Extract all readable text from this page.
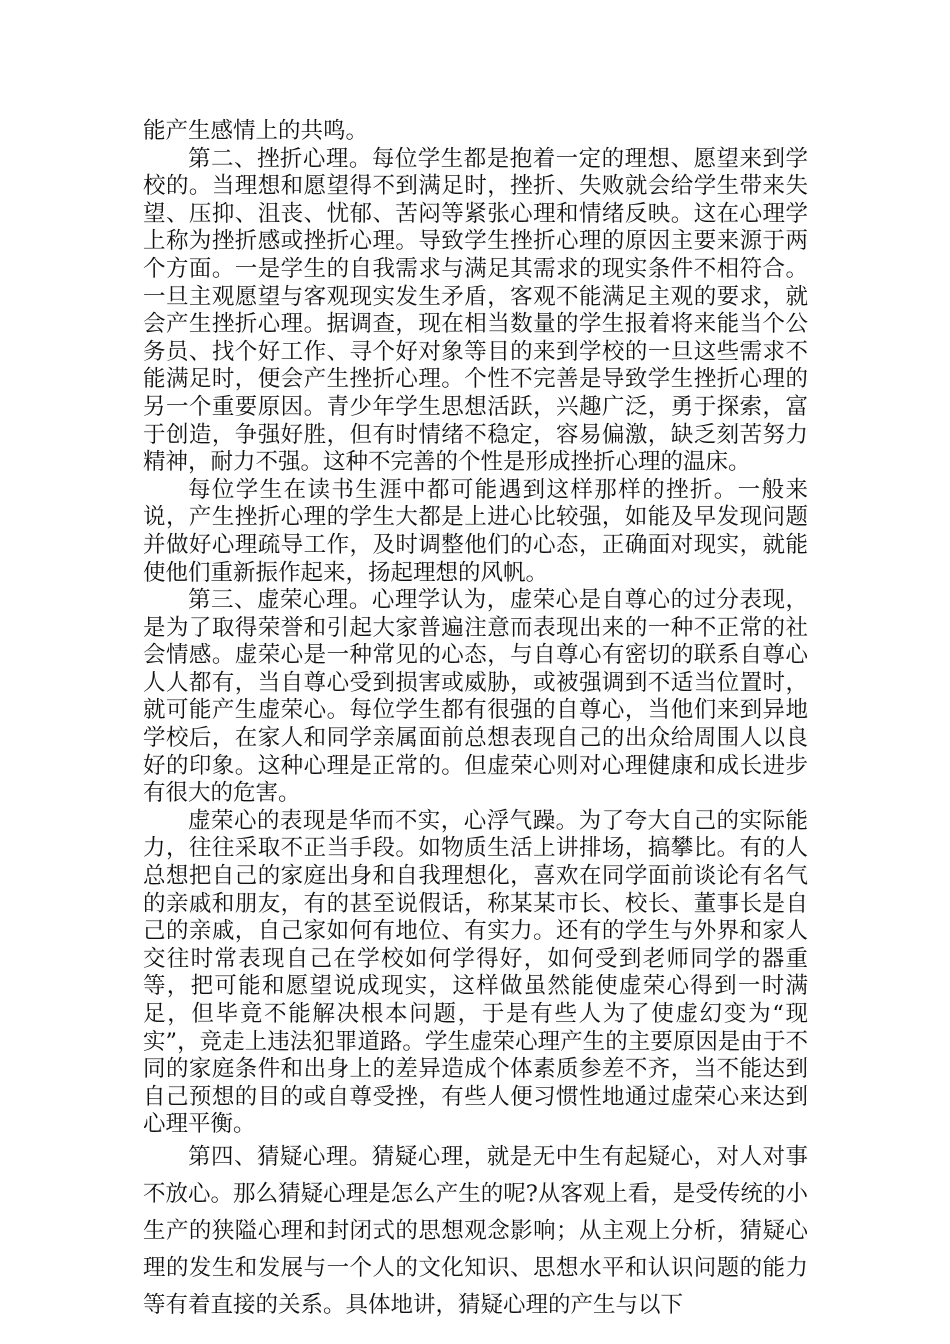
能产生感情上的共鸣。

第二、挫折心理。每位学生都是抱着一定的理想、愿望来到学校的。当理想和愿望得不到满足时，挫折、失败就会给学生带来失望、压抑、沮丧、忧郁、苦闷等紧张心理和情绪反映。这在心理学上称为挫折感或挫折心理。导致学生挫折心理的原因主要来源于两个方面。一是学生的自我需求与满足其需求的现实条件不相符合。一旦主观愿望与客观现实发生矛盾，客观不能满足主观的要求，就会产生挫折心理。据调查，现在相当数量的学生报着将来能当个公务员、找个好工作、寻个好对象等目的来到学校的一旦这些需求不能满足时，便会产生挫折心理。个性不完善是导致学生挫折心理的另一个重要原因。青少年学生思想活跃，兴趣广泛，勇于探索，富于创造，争强好胜，但有时情绪不稳定，容易偏激，缺乏刻苦努力精神，耐力不强。这种不完善的个性是形成挫折心理的温床。

每位学生在读书生涯中都可能遇到这样那样的挫折。一般来说，产生挫折心理的学生大都是上进心比较强，如能及早发现问题并做好心理疏导工作，及时调整他们的心态，正确面对现实，就能使他们重新振作起来，扬起理想的风帆。

第三、虚荣心理。心理学认为，虚荣心是自尊心的过分表现，是为了取得荣誉和引起大家普遍注意而表现出来的一种不正常的社会情感。虚荣心是一种常见的心态，与自尊心有密切的联系自尊心人人都有，当自尊心受到损害或威胁，或被强调到不适当位置时，就可能产生虚荣心。每位学生都有很强的自尊心，当他们来到异地学校后，在家人和同学亲属面前总想表现自己的出众给周围人以良好的印象。这种心理是正常的。但虚荣心则对心理健康和成长进步有很大的危害。

虚荣心的表现是华而不实，心浮气躁。为了夸大自己的实际能力，往往采取不正当手段。如物质生活上讲排场，搞攀比。有的人总想把自己的家庭出身和自我理想化，喜欢在同学面前谈论有名气的亲戚和朋友，有的甚至说假话，称某某市长、校长、董事长是自己的亲戚，自己家如何有地位、有实力。还有的学生与外界和家人交往时常表现自己在学校如何学得好，如何受到老师同学的器重等，把可能和愿望说成现实，这样做虽然能使虚荣心得到一时满足，但毕竟不能解决根本问题，于是有些人为了使虚幻变为“现实”，竞走上违法犯罪道路。学生虚荣心理产生的主要原因是由于不同的家庭条件和出身上的差异造成个体素质参差不齐，当不能达到自己预想的目的或自尊受挫，有些人便习惯性地通过虚荣心来达到心理平衡。

第四、猜疑心理。猜疑心理，就是无中生有起疑心，对人对事不放心。那么猜疑心理是怎么产生的呢?从客观上看，是受传统的小生产的狭隘心理和封闭式的思想观念影响；从主观上分析，猜疑心理的发生和发展与一个人的文化知识、思想水平和认识问题的能力等有着直接的关系。具体地讲，猜疑心理的产生与以下
